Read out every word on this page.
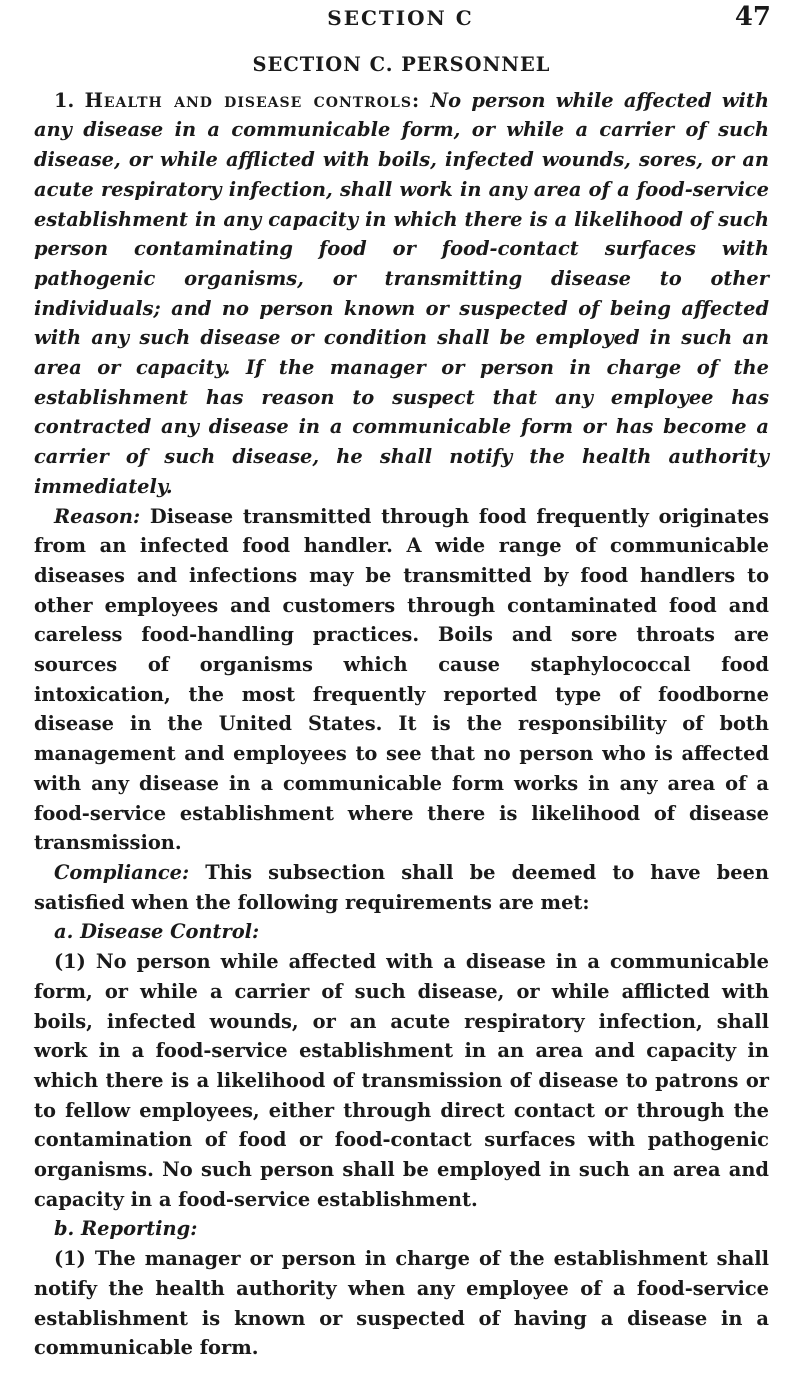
SECTION C	47
SECTION C. PERSONNEL

1. Health and disease controls: No person while affected with any disease in a communicable form, or while a carrier of such disease, or while afflicted with boils, infected wounds, sores, or an acute respiratory infection, shall work in any area of a food-service establishment in any capacity in which there is a likelihood of such person contaminating food or food-contact surfaces with pathogenic organisms, or transmitting disease to other individuals; and no person known or suspected of being affected with any such disease or condition shall be employed in such an area or capacity. If the manager or person in charge of the establishment has reason to suspect that any employee has contracted any disease in a communicable form or has become a carrier of such disease, he shall notify the health authority immediately.

Reason: Disease transmitted through food frequently originates from an infected food handler. A wide range of communicable diseases and infections may be transmitted by food handlers to other employees and customers through contaminated food and careless food-handling practices. Boils and sore throats are sources of organisms which cause staphylococcal food intoxication, the most frequently reported type of foodborne disease in the United States. It is the responsibility of both management and employees to see that no person who is affected with any disease in a communicable form works in any area of a food-service establishment where there is likelihood of disease transmission.

Compliance: This subsection shall be deemed to have been satisfied when the following requirements are met:

a. Disease Control:

(1) No person while affected with a disease in a communicable form, or while a carrier of such disease, or while afflicted with boils, infected wounds, or an acute respiratory infection, shall work in a food-service establishment in an area and capacity in which there is a likelihood of transmission of disease to patrons or to fellow employees, either through direct contact or through the contamination of food or food-contact surfaces with pathogenic organisms. No such person shall be employed in such an area and capacity in a food-service establishment.

b. Reporting:

(1) The manager or person in charge of the establishment shall notify the health authority when any employee of a food-service establishment is known or suspected of having a disease in a communicable form.
